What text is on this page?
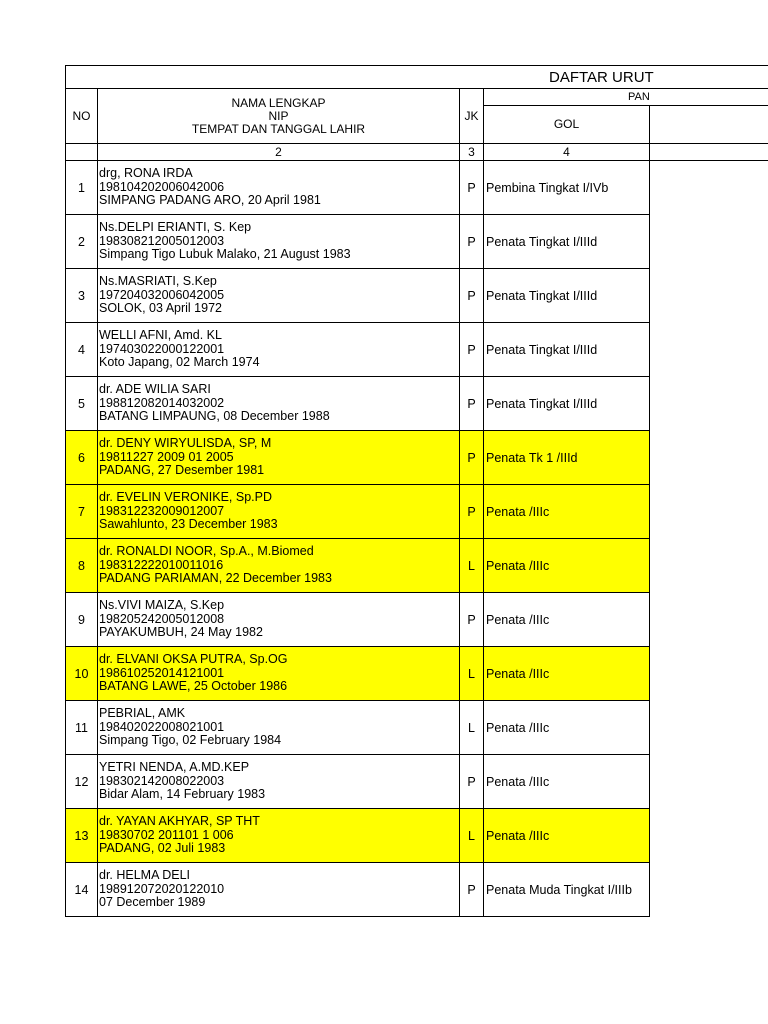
DAFTAR URUT				
NO	NAMA LENGKAP
NIP
TEMPAT DAN TANGGAL LAHIR	JK	PAN	
			GOL	
	2	3	4	
1	drg, RONA IRDA
198104202006042006
SIMPANG PADANG ARO, 20 April 1981	P	Pembina Tingkat I/IVb	
2	Ns.DELPI ERIANTI, S. Kep
198308212005012003
Simpang Tigo Lubuk Malako, 21 August 1983	P	Penata Tingkat I/IIId	
3	Ns.MASRIATI, S.Kep
197204032006042005
SOLOK, 03 April 1972	P	Penata Tingkat I/IIId	
4	WELLI AFNI, Amd. KL
197403022000122001
Koto Japang, 02 March 1974	P	Penata Tingkat I/IIId	
5	dr. ADE WILIA SARI
198812082014032002
BATANG LIMPAUNG, 08 December 1988	P	Penata Tingkat I/IIId	
6	dr. DENY WIRYULISDA, SP, M
19811227 2009 01 2005
PADANG, 27 Desember 1981	P	Penata Tk 1 /IIId	
7	dr. EVELIN VERONIKE, Sp.PD
198312232009012007
Sawahlunto, 23 December 1983	P	Penata /IIIc	
8	dr. RONALDI NOOR, Sp.A., M.Biomed
198312222010011016
PADANG PARIAMAN, 22 December 1983	L	Penata /IIIc	
9	Ns.VIVI MAIZA, S.Kep
198205242005012008
PAYAKUMBUH, 24 May 1982	P	Penata /IIIc	
10	dr. ELVANI OKSA PUTRA, Sp.OG
198610252014121001
BATANG LAWE, 25 October 1986	L	Penata /IIIc	
11	PEBRIAL, AMK
198402022008021001
Simpang Tigo, 02 February 1984	L	Penata /IIIc	
12	YETRI NENDA, A.MD.KEP
198302142008022003
Bidar Alam, 14 February 1983	P	Penata /IIIc	
13	dr. YAYAN AKHYAR, SP THT
19830702 201101 1 006
PADANG, 02 Juli 1983	L	Penata /IIIc	
14	dr. HELMA DELI
198912072020122010
07 December 1989	P	Penata Muda Tingkat I/IIIb	
